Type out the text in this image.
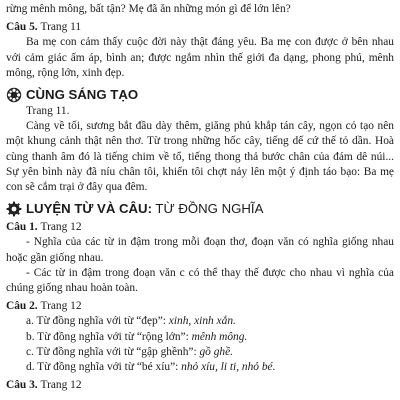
rừng mênh mông, bất tận? Mẹ đã ăn những món gì để lớn lên?

Câu 5. Trang 11

Ba mẹ con cảm thấy cuộc đời này thật đáng yêu. Ba mẹ con được ở bên nhau với cảm giác ấm áp, bình an; được ngắm nhìn thế giới đa dạng, phong phú, mênh mông, rộng lớn, xinh đẹp.

CÙNG SÁNG TẠO

Trang 11.

Càng về tối, sương bắt đầu dày thêm, giăng phủ khắp tán cây, ngọn cỏ tạo nên một khung cảnh thật nên thơ. Từ trong những hốc cây, tiếng dế cứ thế tỏ dần. Hoà cùng thanh âm đó là tiếng chim về tổ, tiếng thong thả bước chân của đám dê núi... Sự yên bình này đã níu chân tôi, khiến tôi chợt nảy lên một ý định táo bạo: Ba mẹ con sẽ cắm trại ở đây qua đêm.

LUYỆN TỪ VÀ CÂU: TỪ ĐỒNG NGHĨA

Câu 1. Trang 12

- Nghĩa của các từ in đậm trong mỗi đoạn thơ, đoạn văn có nghĩa giống nhau hoặc gần giống nhau.

- Các từ in đậm trong đoạn văn c có thể thay thế được cho nhau vì nghĩa của chúng giống nhau hoàn toàn.

Câu 2. Trang 12

a. Từ đồng nghĩa với từ “đẹp”: xinh, xinh xắn.

b. Từ đồng nghĩa với từ “rộng lớn”: mênh mông.

c. Từ đồng nghĩa với từ “gập ghềnh”: gồ ghề.

d. Từ đồng nghĩa với từ “bé xíu”: nhỏ xíu, li ti, nhỏ bé.

Câu 3. Trang 12
